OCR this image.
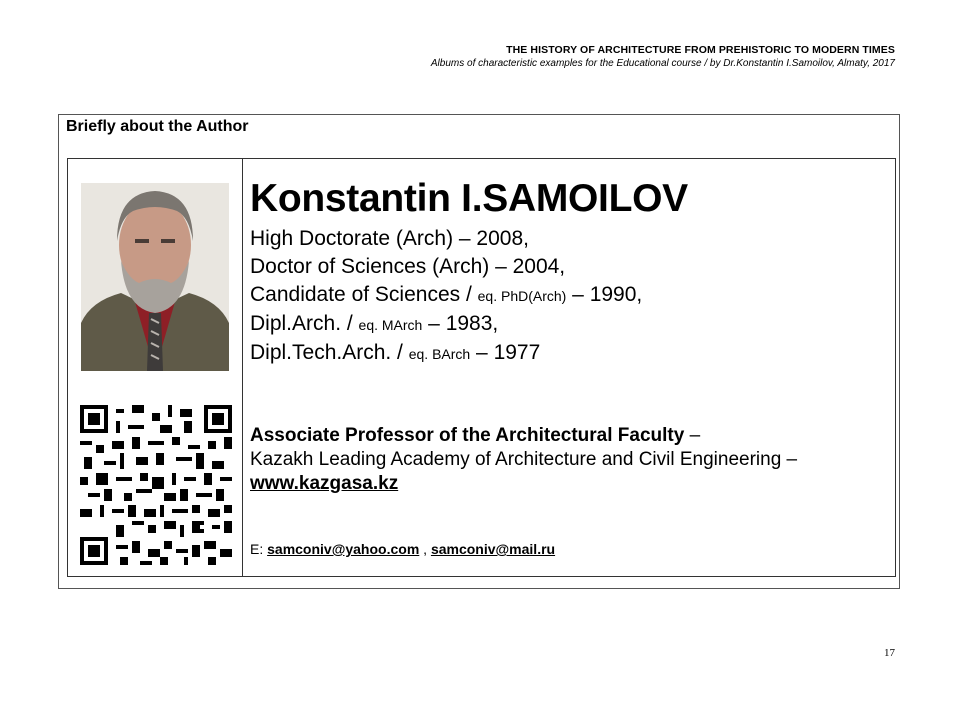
THE HISTORY OF ARCHITECTURE FROM PREHISTORIC TO MODERN TIMES
Albums of characteristic examples for the Educational course / by Dr.Konstantin I.Samoilov, Almaty, 2017
Briefly about the Author
Konstantin I.SAMOILOV
High Doctorate (Arch) – 2008,
Doctor of Sciences (Arch) – 2004,
Candidate of Sciences / eq. PhD(Arch) – 1990,
Dipl.Arch. / eq. MArch – 1983,
Dipl.Tech.Arch. / eq. BArch – 1977
Associate Professor of the Architectural Faculty –
Kazakh Leading Academy of Architecture and Civil Engineering –
www.kazgasa.kz
E: samconiv@yahoo.com , samconiv@mail.ru
17
